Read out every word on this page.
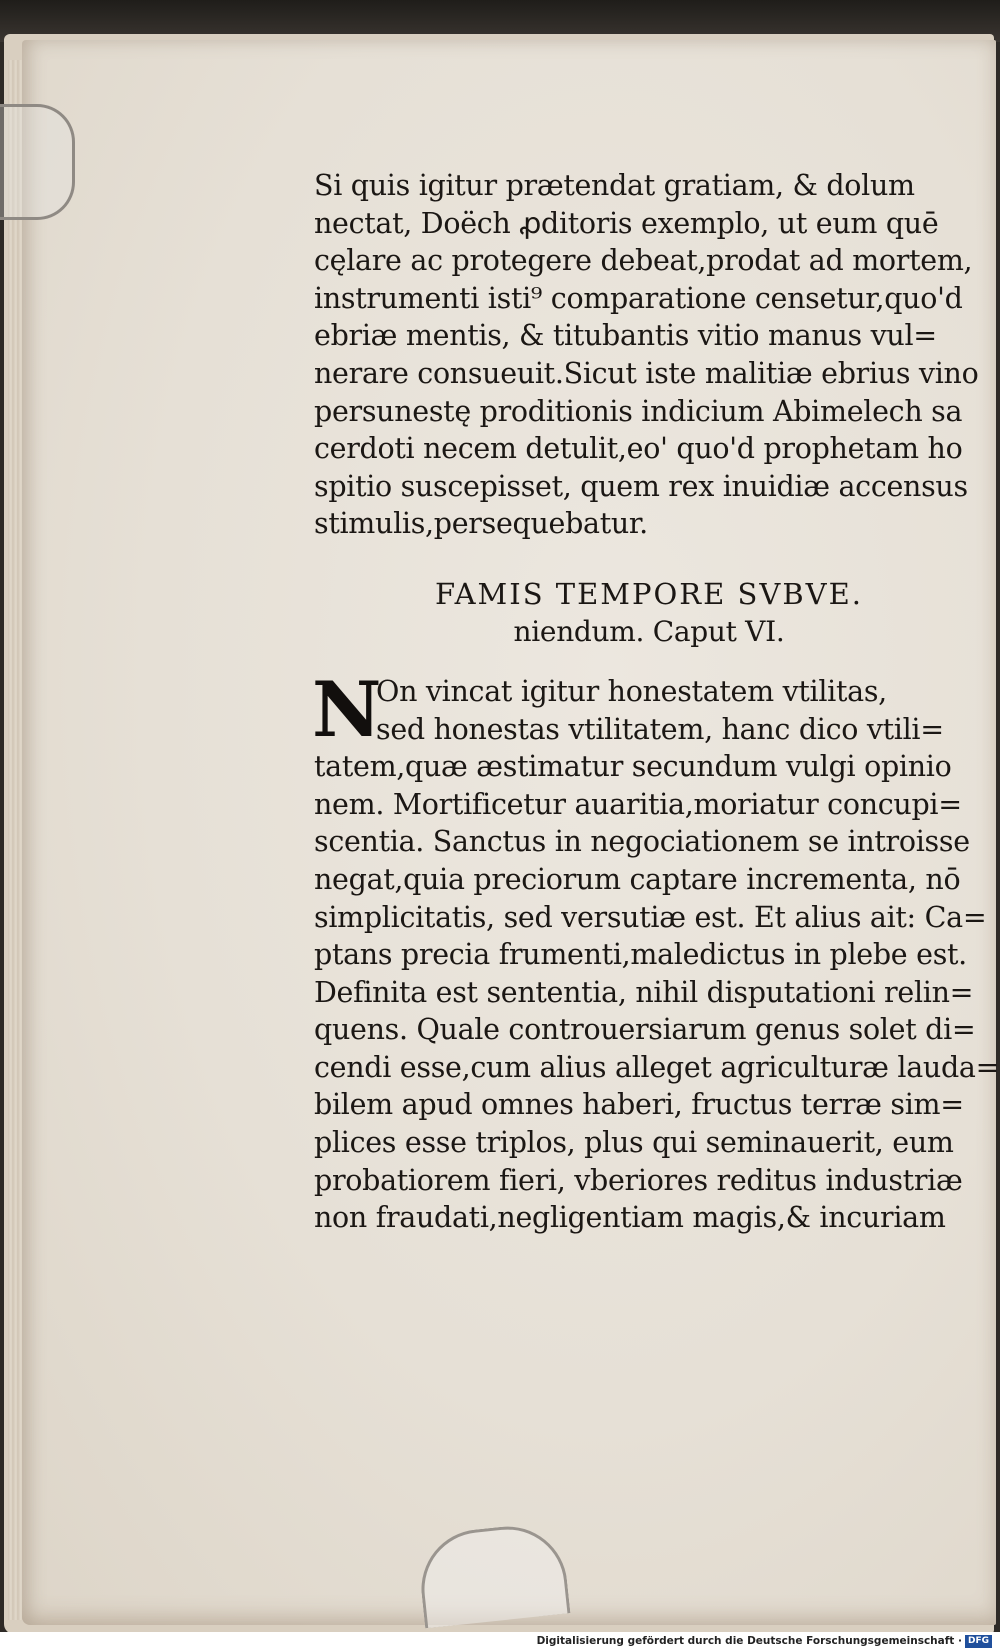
Si quis igitur prætendat gratiam, & dolum
nectat, Doëch ꝓditoris exemplo, ut eum quē
cęlare ac protegere debeat,prodat ad mortem,
instrumenti isti⁹ comparatione censetur,quo'd
ebriæ mentis, & titubantis vitio manus vul=
nerare consueuit.Sicut iste malitiæ ebrius vino
persunestę proditionis indicium Abimelech sa
cerdoti necem detulit,eo' quo'd prophetam ho
spitio suscepisset, quem rex inuidiæ accensus
stimulis,persequebatur.
FAMIS TEMPORE SVBVE.
niendum. Caput VI.
N
On vincat igitur honestatem vtilitas,
sed honestas vtilitatem, hanc dico vtili=
tatem,quæ æstimatur secundum vulgi opinio
nem. Mortificetur auaritia,moriatur concupi=
scentia. Sanctus in negociationem se introisse
negat,quia preciorum captare incrementa, nō
simplicitatis, sed versutiæ est. Et alius ait: Ca=
ptans precia frumenti,maledictus in plebe est.
Definita est sententia, nihil disputationi relin=
quens. Quale controuersiarum genus solet di=
cendi esse,cum alius alleget agriculturæ lauda=
bilem apud omnes haberi, fructus terræ sim=
plices esse triplos, plus qui seminauerit, eum
probatiorem fieri, vberiores reditus industriæ
non fraudati,negligentiam magis,& incuriam
Digitalisierung gefördert durch die Deutsche Forschungsgemeinschaft · DFG
